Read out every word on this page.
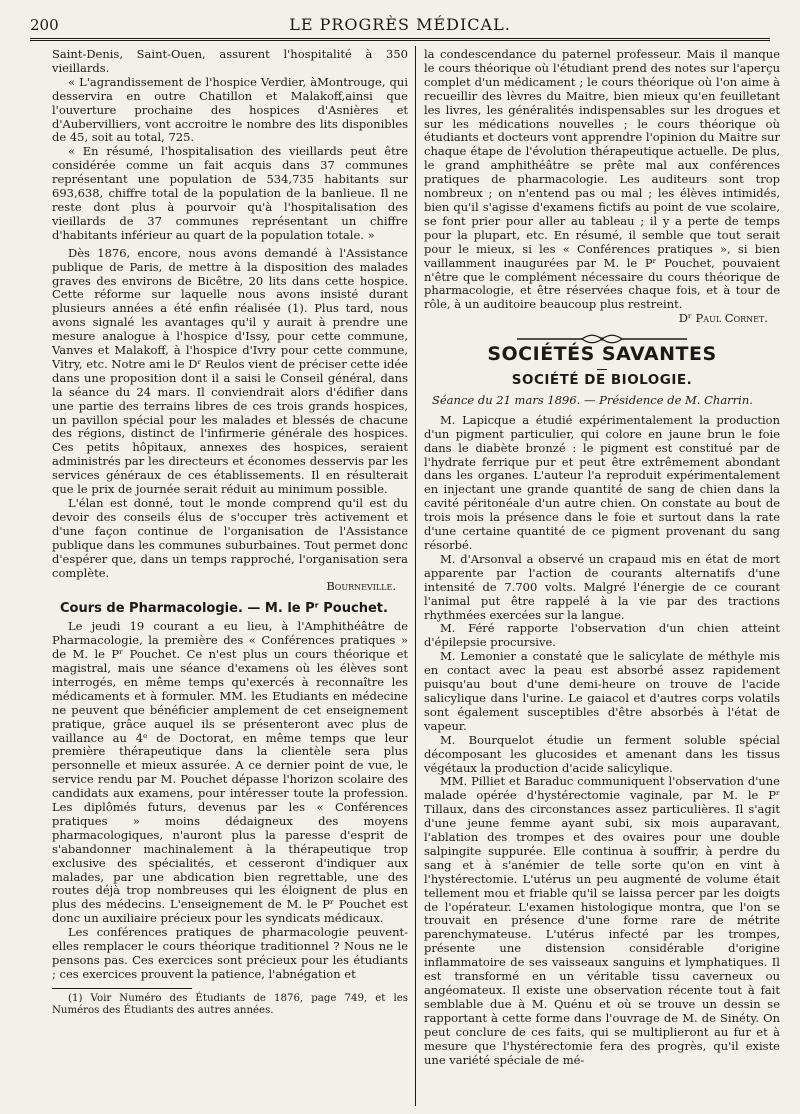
200	LE PROGRÈS MÉDICAL.

Saint-Denis, Saint-Ouen, assurent l'hospitalité à 350 vieillards.

« L'agrandissement de l'hospice Verdier, àMontrouge, qui desservira en outre Chatillon et Malakoff,ainsi que l'ouverture prochaine des hospices d'Asnières et d'Aubervilliers, vont accroitre le nombre des lits disponibles de 45, soit au total, 725.

« En résumé, l'hospitalisation des vieillards peut être considérée comme un fait acquis dans 37 communes représentant une population de 534,735 habitants sur 693,638, chiffre total de la population de la banlieue. Il ne reste dont plus à pourvoir qu'à l'hospitalisation des vieillards de 37 communes représentant un chiffre d'habitants inférieur au quart de la population totale. »

Dès 1876, encore, nous avons demandé à l'Assistance publique de Paris, de mettre à la disposition des malades graves des environs de Bicêtre, 20 lits dans cette hospice. Cette réforme sur laquelle nous avons insisté durant plusieurs années a été enfin réalisée (1). Plus tard, nous avons signalé les avantages qu'il y aurait à prendre une mesure analogue à l'hospice d'Issy, pour cette commune, Vanves et Malakoff, à l'hospice d'Ivry pour cette commune, Vitry, etc. Notre ami le Dʳ Reulos vient de préciser cette idée dans une proposition dont il a saisi le Conseil général, dans la séance du 24 mars. Il conviendrait alors d'édifier dans une partie des terrains libres de ces trois grands hospices, un pavillon spécial pour les malades et blessés de chacune des régions, distinct de l'infirmerie générale des hospices. Ces petits hôpitaux, annexes des hospices, seraient administrés par les directeurs et économes desservis par les services généraux de ces établissements. Il en résulterait que le prix de journée serait réduit au minimum possible.

L'élan est donné, tout le monde comprend qu'il est du devoir des conseils élus de s'occuper très activement et d'une façon continue de l'organisation de l'Assistance publique dans les communes suburbaines. Tout permet donc d'espérer que, dans un temps rapproché, l'organisation sera complète.

Bourneville.

Cours de Pharmacologie. — M. le Pʳ Pouchet.

Le jeudi 19 courant a eu lieu, à l'Amphithéâtre de Pharmacologie, la première des « Conférences pratiques » de M. le Pʳ Pouchet. Ce n'est plus un cours théorique et magistral, mais une séance d'examens où les élèves sont interrogés, en même temps qu'exercés à reconnaître les médicaments et à formuler. MM. les Etudiants en médecine ne peuvent que bénéficier amplement de cet enseignement pratique, grâce auquel ils se présenteront avec plus de vaillance au 4ᵉ de Doctorat, en même temps que leur première thérapeutique dans la clientèle sera plus personnelle et mieux assurée. A ce dernier point de vue, le service rendu par M. Pouchet dépasse l'horizon scolaire des candidats aux examens, pour intéresser toute la profession. Les diplômés futurs, devenus par les « Conférences pratiques » moins dédaigneux des moyens pharmacologiques, n'auront plus la paresse d'esprit de s'abandonner machinalement à la thérapeutique trop exclusive des spécialités, et cesseront d'indiquer aux malades, par une abdication bien regrettable, une des routes déjà trop nombreuses qui les éloignent de plus en plus des médecins. L'enseignement de M. le Pʳ Pouchet est donc un auxiliaire précieux pour les syndicats médicaux.

Les conférences pratiques de pharmacologie peuvent-elles remplacer le cours théorique traditionnel ? Nous ne le pensons pas. Ces exercices sont précieux pour les étudiants ; ces exercices prouvent la patience, l'abnégation et

(1) Voir Numéro des Étudiants de 1876, page 749, et les Numéros des Étudiants des autres années.

la condescendance du paternel professeur. Mais il manque le cours théorique où l'étudiant prend des notes sur l'aperçu complet d'un médicament ; le cours théorique où l'on aime à recueillir des lèvres du Maitre, bien mieux qu'en feuilletant les livres, les généralités indispensables sur les drogues et sur les médications nouvelles ; le cours théorique où étudiants et docteurs vont apprendre l'opinion du Maitre sur chaque étape de l'évolution thérapeutique actuelle. De plus, le grand amphithéâtre se prête mal aux conférences pratiques de pharmacologie. Les auditeurs sont trop nombreux ; on n'entend pas ou mal ; les élèves intimidés, bien qu'il s'agisse d'examens fictifs au point de vue scolaire, se font prier pour aller au tableau ; il y a perte de temps pour la plupart, etc. En résumé, il semble que tout serait pour le mieux, si les « Conférences pratiques », si bien vaillamment inaugurées par M. le Pʳ Pouchet, pouvaient n'être que le complément nécessaire du cours théorique de pharmacologie, et être réservées chaque fois, et à tour de rôle, à un auditoire beaucoup plus restreint.

Dʳ Paul Cornet.

SOCIÉTÉS SAVANTES
SOCIÉTÉ DE BIOLOGIE.

Séance du 21 mars 1896. — Présidence de M. Charrin.

M. Lapicque a étudié expérimentalement la production d'un pigment particulier, qui colore en jaune brun le foie dans le diabète bronzé : le pigment est constitué par de l'hydrate ferrique pur et peut être extrêmement abondant dans les organes. L'auteur l'a reproduit expérimentalement en injectant une grande quantité de sang de chien dans la cavité péritonéale d'un autre chien. On constate au bout de trois mois la présence dans le foie et surtout dans la rate d'une certaine quantité de ce pigment provenant du sang résorbé.

M. d'Arsonval a observé un crapaud mis en état de mort apparente par l'action de courants alternatifs d'une intensité de 7.700 volts. Malgré l'énergie de ce courant l'animal put être rappelé à la vie par des tractions rhythmées exercées sur la langue.

M. Féré rapporte l'observation d'un chien atteint d'épilepsie procursive.

M. Lemonier a constaté que le salicylate de méthyle mis en contact avec la peau est absorbé assez rapidement puisqu'au bout d'une demi-heure on trouve de l'acide salicylique dans l'urine. Le gaiacol et d'autres corps volatils sont également susceptibles d'être absorbés à l'état de vapeur.

M. Bourquelot étudie un ferment soluble spécial décomposant les glucosides et amenant dans les tissus végétaux la production d'acide salicylique.

MM. Pilliet et Baraduc communiquent l'observation d'une malade opérée d'hystérectomie vaginale, par M. le Pʳ Tillaux, dans des circonstances assez particulières. Il s'agit d'une jeune femme ayant subi, six mois auparavant, l'ablation des trompes et des ovaires pour une double salpingite suppurée. Elle continua à souffrir, à perdre du sang et à s'anémier de telle sorte qu'on en vint à l'hystérectomie. L'utérus un peu augmenté de volume était tellement mou et friable qu'il se laissa percer par les doigts de l'opérateur. L'examen histologique montra, que l'on se trouvait en présence d'une forme rare de métrite parenchymateuse. L'utérus infecté par les trompes, présente une distension considérable d'origine inflammatoire de ses vaisseaux sanguins et lymphatiques. Il est transformé en un véritable tissu caverneux ou angéomateux. Il existe une observation récente tout à fait semblable due à M. Quénu et où se trouve un dessin se rapportant à cette forme dans l'ouvrage de M. de Sinéty. On peut conclure de ces faits, qui se multiplieront au fur et à mesure que l'hystérectomie fera des progrès, qu'il existe une variété spéciale de mé-
